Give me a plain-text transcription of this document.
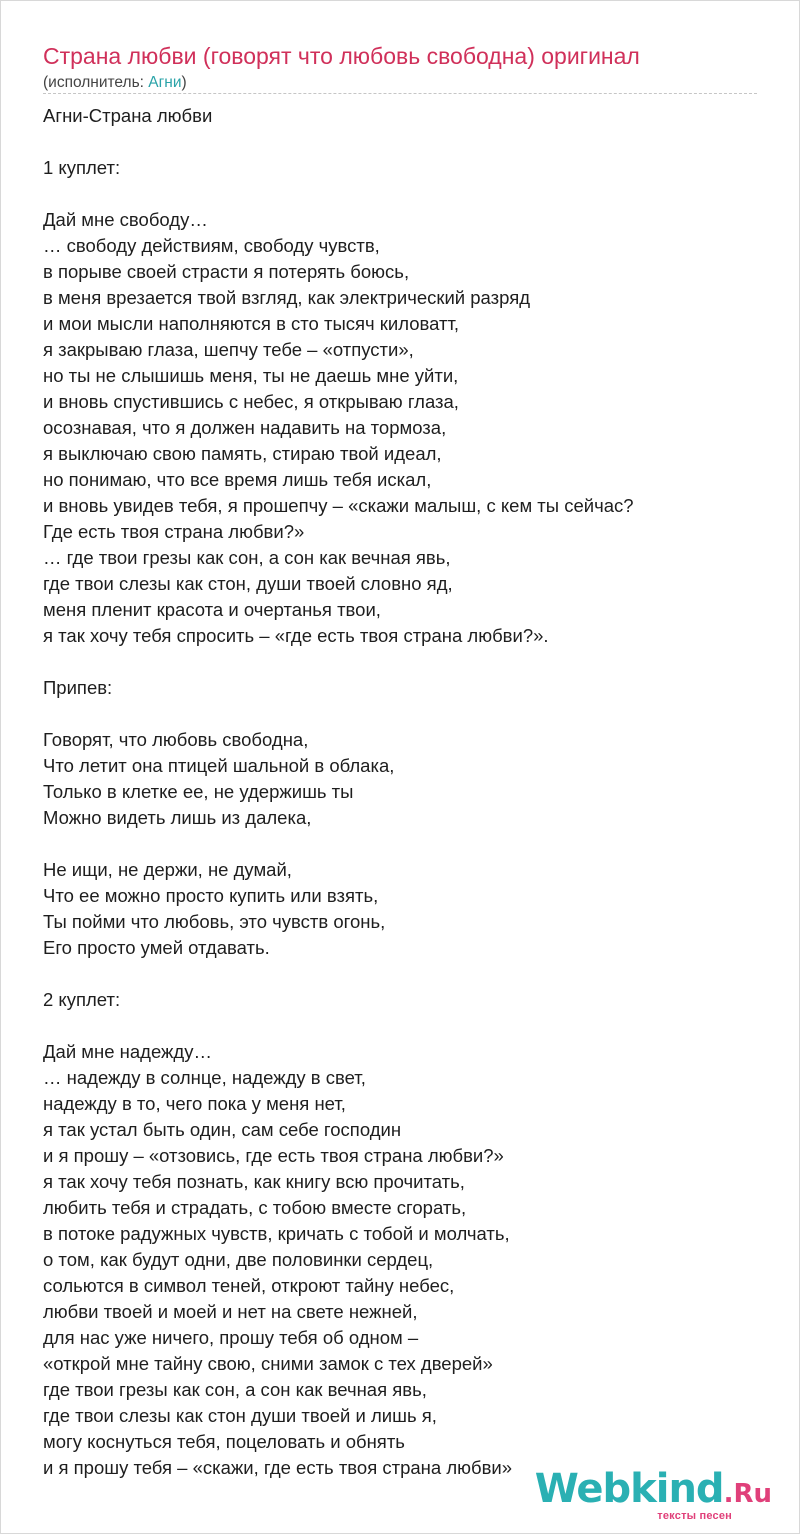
Страна любви (говорят что любовь свободна) оригинал
(исполнитель: Агни)
Агни-Страна любви
1 куплет:
Дай мне свободу…
… свободу действиям, свободу чувств,
в порыве своей страсти я потерять боюсь,
в меня врезается твой взгляд, как электрический разряд
и мои мысли наполняются в сто тысяч киловатт,
я закрываю глаза, шепчу тебе – «отпусти»,
но ты не слышишь меня, ты не даешь мне уйти,
и вновь спустившись с небес, я открываю глаза,
осознавая, что я должен надавить на тормоза,
я выключаю свою память, стираю твой идеал,
но понимаю, что все время лишь тебя искал,
и вновь увидев тебя, я прошепчу – «скажи малыш, с кем ты сейчас?
Где есть твоя страна любви?»
… где твои грезы как сон, а сон как вечная явь,
где твои слезы как стон, души твоей словно яд,
меня пленит красота и очертанья твои,
я так хочу тебя спросить – «где есть твоя страна любви?».
Припев:
Говорят, что любовь свободна,
Что летит она птицей шальной в облака,
Только в клетке ее, не удержишь ты
Можно видеть лишь из далека,
Не ищи, не держи, не думай,
Что ее можно просто купить или взять,
Ты пойми что любовь, это чувств огонь,
Его просто умей отдавать.
2 куплет:
Дай мне надежду…
… надежду в солнце, надежду в свет,
надежду в то, чего пока у меня нет,
я так устал быть один, сам себе господин
и я прошу – «отзовись, где есть твоя страна любви?»
я так хочу тебя познать, как книгу всю прочитать,
любить тебя и страдать, с тобою вместе сгорать,
в потоке радужных чувств, кричать с тобой и молчать,
о том, как будут одни, две половинки сердец,
сольются в символ теней, откроют тайну небес,
любви твоей и моей и нет на свете нежней,
для нас уже ничего, прошу тебя об одном –
«открой мне тайну свою, сними замок с тех дверей»
где твои грезы как сон, а сон как вечная явь,
где твои слезы как стон души твоей и лишь я,
могу коснуться тебя, поцеловать и обнять
и я прошу тебя – «скажи, где есть твоя страна любви» Webkind.Ru
тексты песен
